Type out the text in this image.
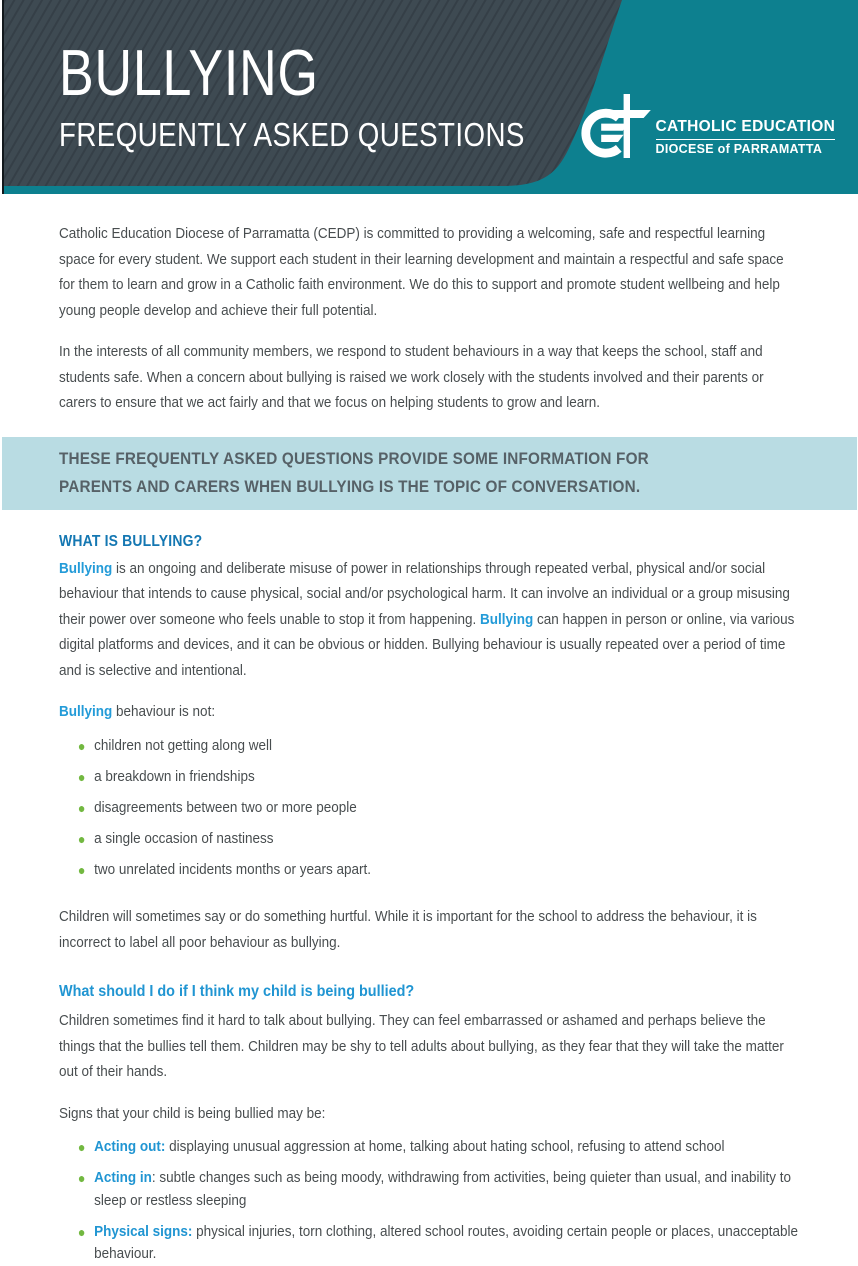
BULLYING
FREQUENTLY ASKED QUESTIONS	CATHOLIC EDUCATION
DIOCESE of PARRAMATTA

Catholic Education Diocese of Parramatta (CEDP) is committed to providing a welcoming, safe and respectful learning space for every student. We support each student in their learning development and maintain a respectful and safe space for them to learn and grow in a Catholic faith environment. We do this to support and promote student wellbeing and help young people develop and achieve their full potential.

In the interests of all community members, we respond to student behaviours in a way that keeps the school, staff and students safe. When a concern about bullying is raised we work closely with the students involved and their parents or carers to ensure that we act fairly and that we focus on helping students to grow and learn.

THESE FREQUENTLY ASKED QUESTIONS PROVIDE SOME INFORMATION FOR PARENTS AND CARERS WHEN BULLYING IS THE TOPIC OF CONVERSATION.

WHAT IS BULLYING?

Bullying is an ongoing and deliberate misuse of power in relationships through repeated verbal, physical and/or social behaviour that intends to cause physical, social and/or psychological harm. It can involve an individual or a group misusing their power over someone who feels unable to stop it from happening. Bullying can happen in person or online, via various digital platforms and devices, and it can be obvious or hidden. Bullying behaviour is usually repeated over a period of time and is selective and intentional.

Bullying behaviour is not:

● children not getting along well
● a breakdown in friendships
● disagreements between two or more people
● a single occasion of nastiness
● two unrelated incidents months or years apart.

Children will sometimes say or do something hurtful. While it is important for the school to address the behaviour, it is incorrect to label all poor behaviour as bullying.

What should I do if I think my child is being bullied?

Children sometimes find it hard to talk about bullying. They can feel embarrassed or ashamed and perhaps believe the things that the bullies tell them. Children may be shy to tell adults about bullying, as they fear that they will take the matter out of their hands.

Signs that your child is being bullied may be:

● Acting out: displaying unusual aggression at home, talking about hating school, refusing to attend school
● Acting in: subtle changes such as being moody, withdrawing from activities, being quieter than usual, and inability to sleep or restless sleeping
● Physical signs: physical injuries, torn clothing, altered school routes, avoiding certain people or places, unacceptable behaviour.
